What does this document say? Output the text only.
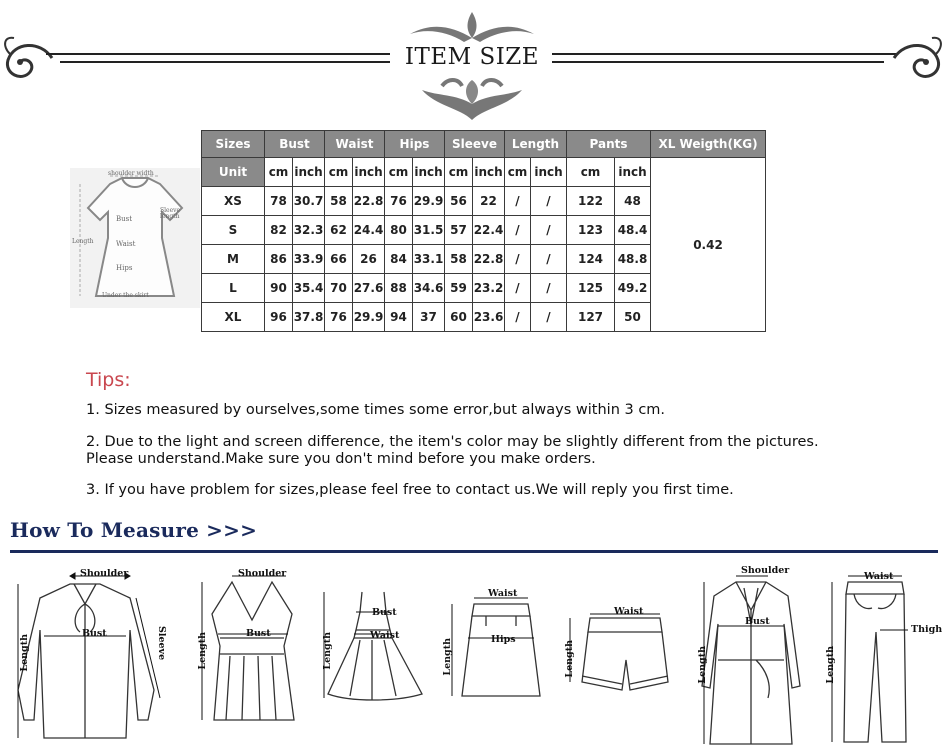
ITEM SIZE
shoulder width
Sleeve length
Length
Bust
Waist
Hips
Under the skirt
Sizes	Bust		Waist		Hips		Sleeve		Length		Pants		XL Weigth(KG)
Unit	cm	inch	cm	inch	cm	inch	cm	inch	cm	inch	cm	inch	0.42
XS	78	30.7	58	22.8	76	29.9	56	22	/	/	122	48	
S	82	32.3	62	24.4	80	31.5	57	22.4	/	/	123	48.4	
M	86	33.9	66	26	84	33.1	58	22.8	/	/	124	48.8	
L	90	35.4	70	27.6	88	34.6	59	23.2	/	/	125	49.2	
XL	96	37.8	76	29.9	94	37	60	23.6	/	/	127	50	
Tips:
1. Sizes measured by ourselves,some times some error,but always within 3 cm.
2. Due to the light and screen difference, the item's color may be slightly different from the pictures.
Please understand.Make sure you don't mind before you make orders.
3. If you have problem for sizes,please feel free to contact us.We will reply you first time.
How To Measure >>>
Shoulder
Bust
Length	Sleeve
Shoulder
Bust
Length
Bust
Waist
Length
Waist
Hips
Length
Waist
Length
Shoulder
Bust
Length
Waist
Thigh
Length
